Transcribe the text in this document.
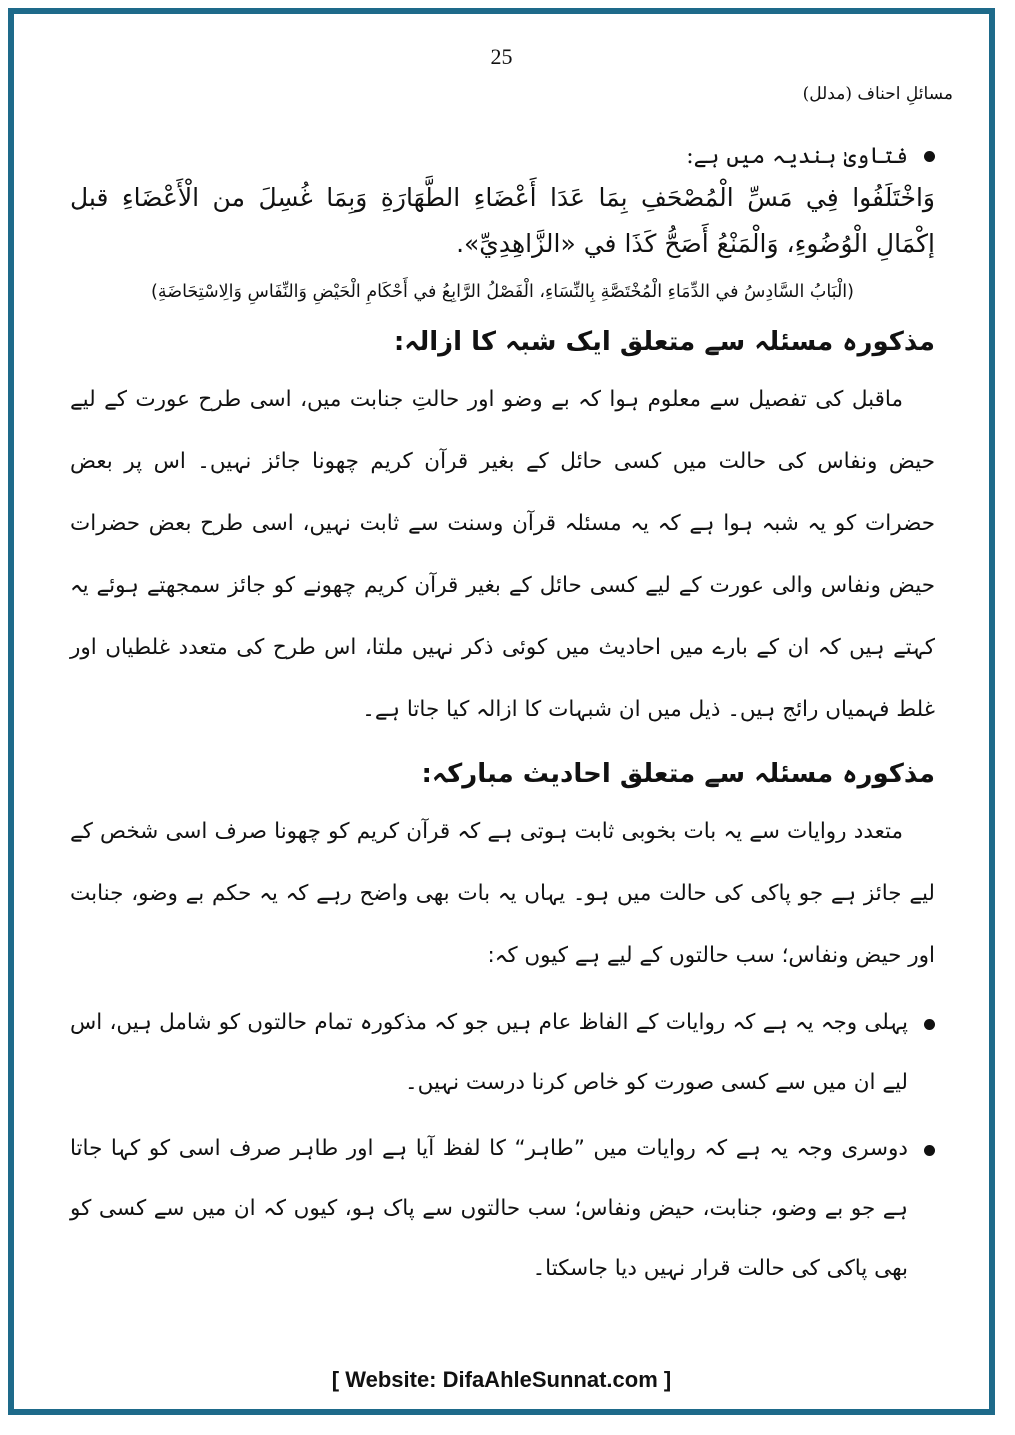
25
مسائلِ احناف (مدلل)
فتاویٰ ہندیہ میں ہے:

وَاخْتَلَفُوا فِي مَسِّ الْمُصْحَفِ بِمَا عَدَا أَعْضَاءِ الطَّهَارَةِ وَبِمَا غُسِلَ من الْأَعْضَاءِ قبل إكْمَالِ الْوُضُوءِ، وَالْمَنْعُ أَصَحُّ كَذَا في «الزَّاهِدِيِّ».

(الْبَابُ السَّادِسُ في الدِّمَاءِ الْمُخْتَصَّةِ بِالنِّسَاءِ، الْفَصْلُ الرَّابِعُ في أَحْكَامِ الْحَيْضِ وَالنِّفَاسِ وَالِاسْتِحَاضَةِ)
مذکورہ مسئلہ سے متعلق ایک شبہ کا ازالہ:

ماقبل کی تفصیل سے معلوم ہوا کہ بے وضو اور حالتِ جنابت میں، اسی طرح عورت کے لیے حیض ونفاس کی حالت میں کسی حائل کے بغیر قرآن کریم چھونا جائز نہیں۔ اس پر بعض حضرات کو یہ شبہ ہوا ہے کہ یہ مسئلہ قرآن وسنت سے ثابت نہیں، اسی طرح بعض حضرات حیض ونفاس والی عورت کے لیے کسی حائل کے بغیر قرآن کریم چھونے کو جائز سمجھتے ہوئے یہ کہتے ہیں کہ ان کے بارے میں احادیث میں کوئی ذکر نہیں ملتا، اس طرح کی متعدد غلطیاں اور غلط فہمیاں رائج ہیں۔ ذیل میں ان شبہات کا ازالہ کیا جاتا ہے۔

مذکورہ مسئلہ سے متعلق احادیث مبارکہ:

متعدد روایات سے یہ بات بخوبی ثابت ہوتی ہے کہ قرآن کریم کو چھونا صرف اسی شخص کے لیے جائز ہے جو پاکی کی حالت میں ہو۔ یہاں یہ بات بھی واضح رہے کہ یہ حکم بے وضو، جنابت اور حیض ونفاس؛ سب حالتوں کے لیے ہے کیوں کہ:

پہلی وجہ یہ ہے کہ روایات کے الفاظ عام ہیں جو کہ مذکورہ تمام حالتوں کو شامل ہیں، اس لیے ان میں سے کسی صورت کو خاص کرنا درست نہیں۔

دوسری وجہ یہ ہے کہ روایات میں ”طاہر“ کا لفظ آیا ہے اور طاہر صرف اسی کو کہا جاتا ہے جو بے وضو، جنابت، حیض ونفاس؛ سب حالتوں سے پاک ہو، کیوں کہ ان میں سے کسی کو بھی پاکی کی حالت قرار نہیں دیا جاسکتا۔

[ Website: DifaAhleSunnat.com ]
